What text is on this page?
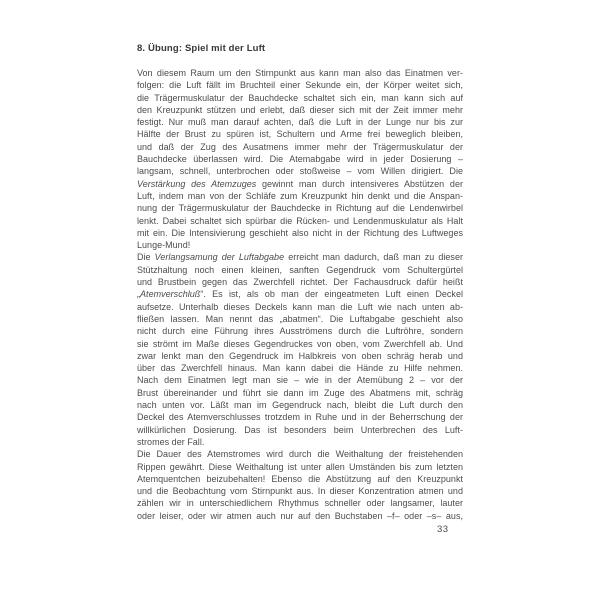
8. Übung: Spiel mit der Luft
Von diesem Raum um den Stirnpunkt aus kann man also das Einatmen ver-
folgen: die Luft fällt im Bruchteil einer Sekunde ein, der Körper weitet sich,
die Trägermuskulatur der Bauchdecke schaltet sich ein, man kann sich auf
den Kreuzpunkt stützen und erlebt, daß dieser sich mit der Zeit immer mehr
festigt. Nur muß man darauf achten, daß die Luft in der Lunge nur bis zur
Hälfte der Brust zu spüren ist, Schultern und Arme frei beweglich bleiben,
und daß der Zug des Ausatmens immer mehr der Trägermuskulatur der
Bauchdecke überlassen wird. Die Atemabgabe wird in jeder Dosierung –
langsam, schnell, unterbrochen oder stoßweise – vom Willen dirigiert. Die
Verstärkung des Atemzuges gewinnt man durch intensiveres Abstützen der
Luft, indem man von der Schläfe zum Kreuzpunkt hin denkt und die Anspan-
nung der Trägermuskulatur der Bauchdecke in Richtung auf die Lendenwirbel
lenkt. Dabei schaltet sich spürbar die Rücken- und Lendenmuskulatur als Halt
mit ein. Die Intensivierung geschieht also nicht in der Richtung des Luftweges
Lunge-Mund!
Die Verlangsamung der Luftabgabe erreicht man dadurch, daß man zu dieser
Stützhaltung noch einen kleinen, sanften Gegendruck vom Schultergürtel
und Brustbein gegen das Zwerchfell richtet. Der Fachausdruck dafür heißt
„Atemverschluß“. Es ist, als ob man der eingeatmeten Luft einen Deckel
aufsetze. Unterhalb dieses Deckels kann man die Luft wie nach unten ab-
fließen lassen. Man nennt das „abatmen“. Die Luftabgabe geschieht also
nicht durch eine Führung ihres Ausströmens durch die Luftröhre, sondern
sie strömt im Maße dieses Gegendruckes von oben, vom Zwerchfell ab. Und
zwar lenkt man den Gegendruck im Halbkreis von oben schräg herab und
über das Zwerchfell hinaus. Man kann dabei die Hände zu Hilfe nehmen.
Nach dem Einatmen legt man sie – wie in der Atemübung 2 – vor der
Brust übereinander und führt sie dann im Zuge des Abatmens mit, schräg
nach unten vor. Läßt man im Gegendruck nach, bleibt die Luft durch den
Deckel des Atemverschlusses trotzdem in Ruhe und in der Beherrschung der
willkürlichen Dosierung. Das ist besonders beim Unterbrechen des Luft-
stromes der Fall.
Die Dauer des Atemstromes wird durch die Weithaltung der freistehenden
Rippen gewährt. Diese Weithaltung ist unter allen Umständen bis zum letzten
Atemquentchen beizubehalten! Ebenso die Abstützung auf den Kreuzpunkt
und die Beobachtung vom Stirnpunkt aus. In dieser Konzentration atmen und
zählen wir in unterschiedlichem Rhythmus schneller oder langsamer, lauter
oder leiser, oder wir atmen auch nur auf den Buchstaben –f– oder –s– aus,
33
